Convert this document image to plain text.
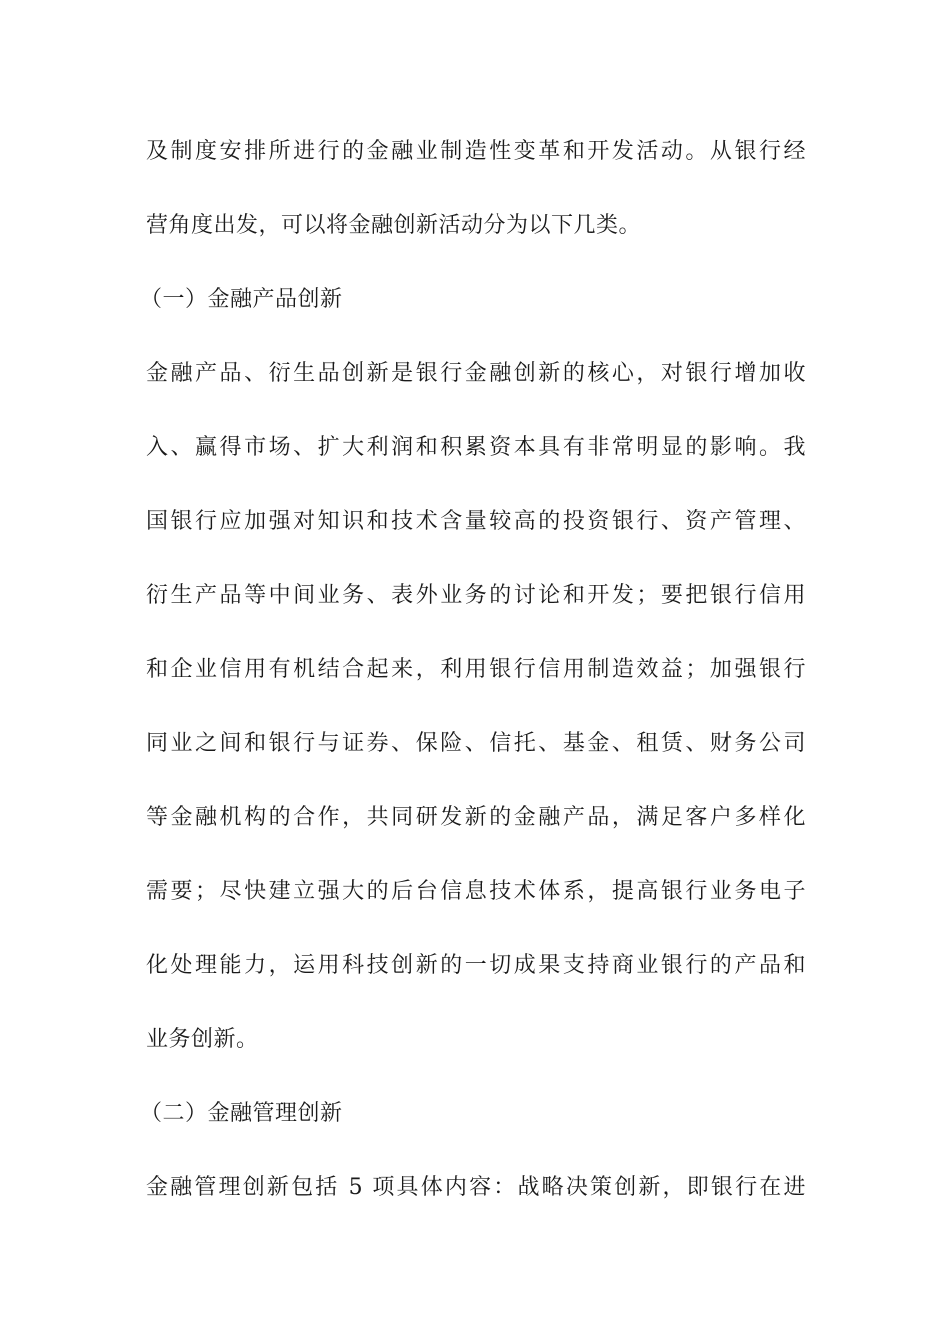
及制度安排所进行的金融业制造性变革和开发活动。从银行经
营角度出发，可以将金融创新活动分为以下几类。
（一）金融产品创新
金融产品、衍生品创新是银行金融创新的核心，对银行增加收
入、赢得市场、扩大利润和积累资本具有非常明显的影响。我
国银行应加强对知识和技术含量较高的投资银行、资产管理、
衍生产品等中间业务、表外业务的讨论和开发；要把银行信用
和企业信用有机结合起来，利用银行信用制造效益；加强银行
同业之间和银行与证券、保险、信托、基金、租赁、财务公司
等金融机构的合作，共同研发新的金融产品，满足客户多样化
需要；尽快建立强大的后台信息技术体系，提高银行业务电子
化处理能力，运用科技创新的一切成果支持商业银行的产品和
业务创新。
（二）金融管理创新
金融管理创新包括 5 项具体内容：战略决策创新，即银行在进
